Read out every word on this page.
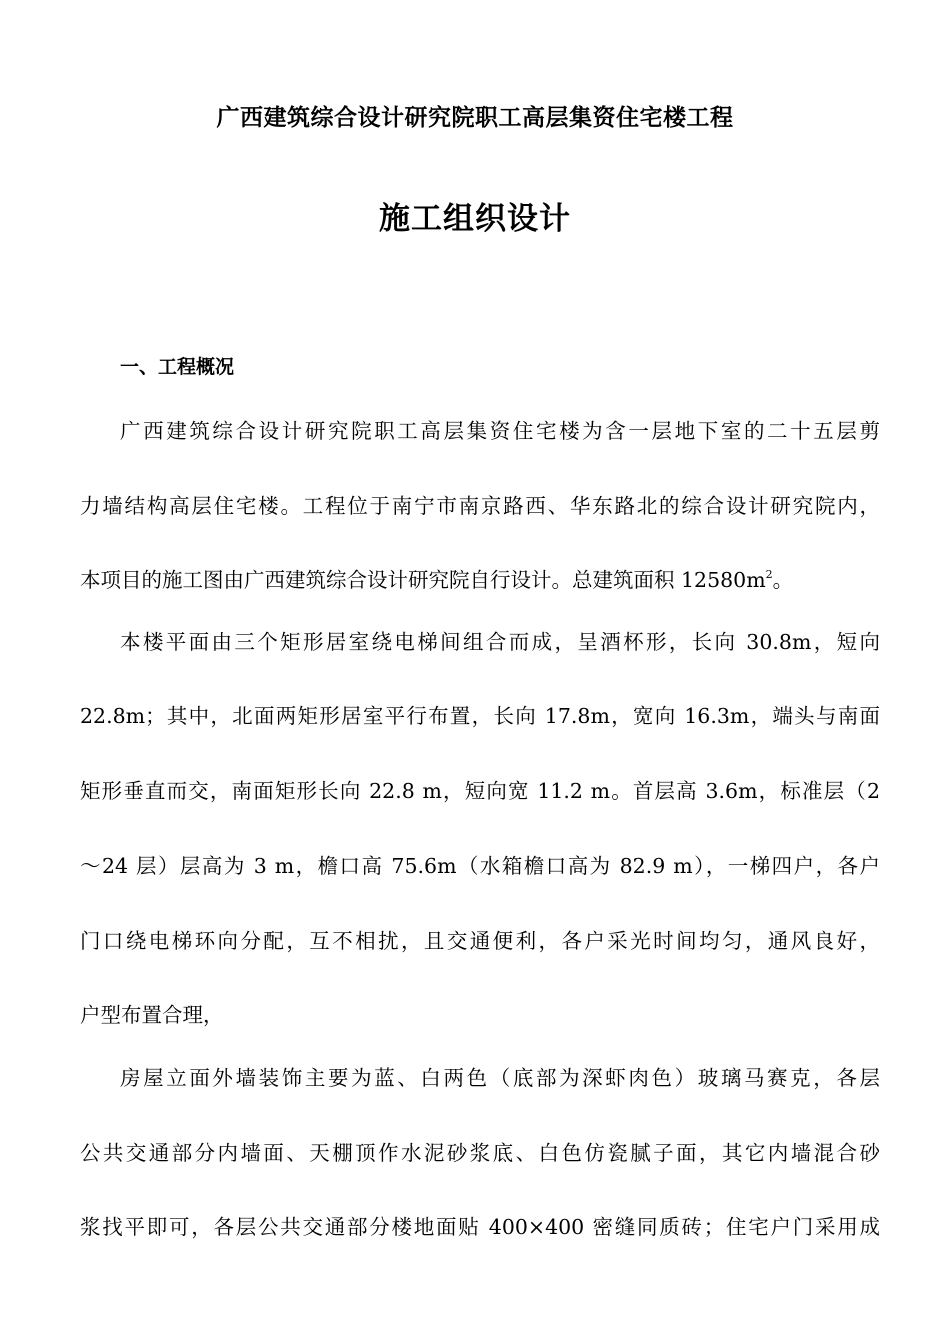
广西建筑综合设计研究院职工高层集资住宅楼工程
施工组织设计
一、工程概况
广西建筑综合设计研究院职工高层集资住宅楼为含一层地下室的二十五层剪
力墙结构高层住宅楼。工程位于南宁市南京路西、华东路北的综合设计研究院内，
本项目的施工图由广西建筑综合设计研究院自行设计。总建筑面积 $12580m^2$。
本楼平面由三个矩形居室绕电梯间组合而成，呈酒杯形，长向 30.8m，短向
22.8m；其中，北面两矩形居室平行布置，长向 17.8m，宽向 16.3m，端头与南面
矩形垂直而交，南面矩形长向 22.8 m，短向宽 11.2 m。首层高 3.6m，标准层（2
～24 层）层高为 3 m，檐口高 75.6m（水箱檐口高为 82.9 m），一梯四户，各户
门口绕电梯环向分配，互不相扰，且交通便利，各户采光时间均匀，通风良好，
户型布置合理，
房屋立面外墙装饰主要为蓝、白两色（底部为深虾肉色）玻璃马赛克，各层
公共交通部分内墙面、天棚顶作水泥砂浆底、白色仿瓷腻子面，其它内墙混合砂
浆找平即可，各层公共交通部分楼地面贴 400×400 密缝同质砖；住宅户门采用成
